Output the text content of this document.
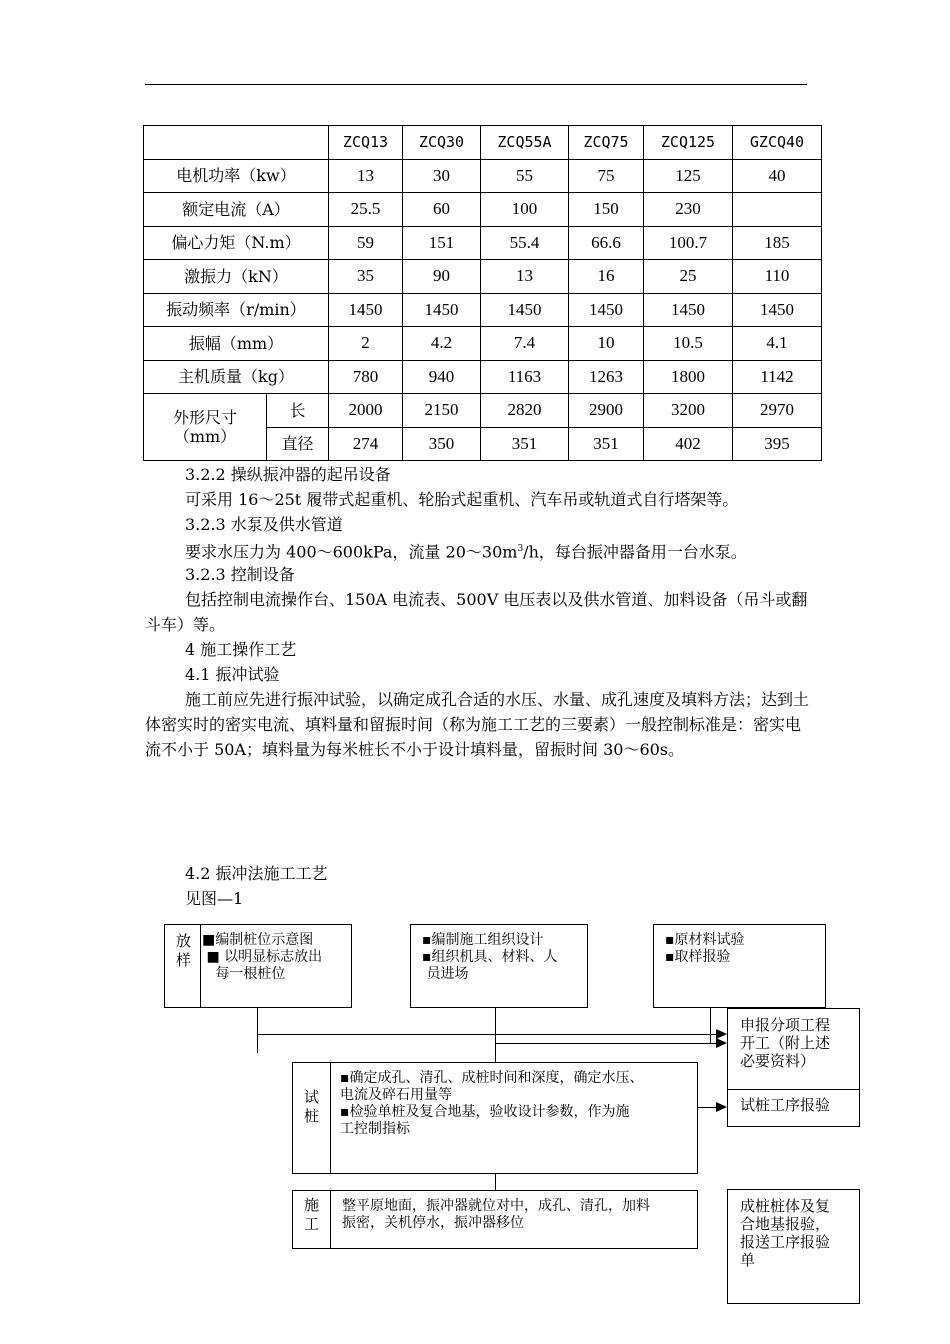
		ZCQ13	ZCQ30	ZCQ55A	ZCQ75	ZCQ125	GZCQ40
电机功率（kw）		13	30	55	75	125	40
额定电流（A）		25.5	60	100	150	230	
偏心力矩（N.m）		59	151	55.4	66.6	100.7	185
激振力（kN）		35	90	13	16	25	110
振动频率（r/min）		1450	1450	1450	1450	1450	1450
振幅（mm）		2	4.2	7.4	10	10.5	4.1
主机质量（kg）		780	940	1163	1263	1800	1142

外形尺寸
（mm）	长	2000	2150	2820	2900	3200	2970
	直径	274	350	351	351	402	395
3.2.2 操纵振冲器的起吊设备
可采用 16～25t 履带式起重机、轮胎式起重机、汽车吊或轨道式自行塔架等。
3.2.3 水泵及供水管道
要求水压力为 400～600kPa，流量 $20\sim 30m^3/h$，每台振冲器备用一台水泵。
3.2.3 控制设备
包括控制电流操作台、150A 电流表、500V 电压表以及供水管道、加料设备（吊斗或翻斗车）等。
4 施工操作工艺
4.1 振冲试验
施工前应先进行振冲试验，以确定成孔合适的水压、水量、成孔速度及填料方法；达到土体密实时的密实电流、填料量和留振时间（称为施工工艺的三要素）一般控制标准是：密实电流不小于 50A；填料量为每米桩长不小于设计填料量，留振时间 30～60s。
4.2 振冲法施工工艺
见图—1
放
样
■编制桩位示意图
■ 以明显标志放出
每一根桩位
▪编制施工组织设计
▪组织机具、材料、人
员进场
▪原材料试验
▪取样报验
申报分项工程
开工（附上述
必要资料）
试桩工序报验
试
桩
▪确定成孔、清孔、成桩时间和深度，确定水压、
电流及碎石用量等
▪检验单桩及复合地基，验收设计参数，作为施
工控制指标
施
工
整平原地面，振冲器就位对中，成孔、清孔，加料
振密，关机停水，振冲器移位
成桩桩体及复
合地基报验，
报送工序报验
单
